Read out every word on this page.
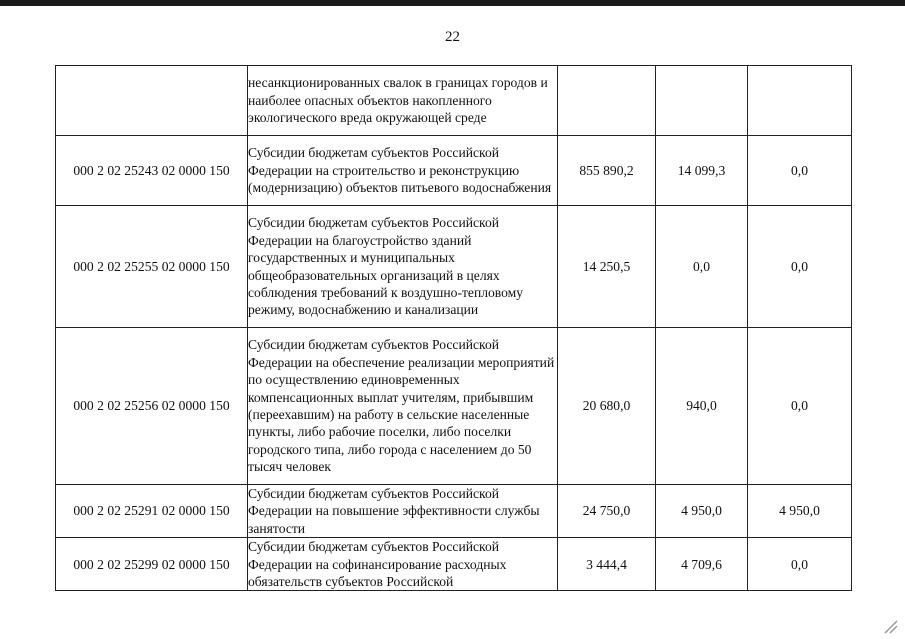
22
	несанкционированных свалок в границах городов и наиболее опасных объектов накопленного экологического вреда окружающей среде			
000 2 02 25243 02 0000 150	Субсидии бюджетам субъектов Российской Федерации на строительство и реконструкцию (модернизацию) объектов питьевого водоснабжения	855 890,2	14 099,3	0,0
000 2 02 25255 02 0000 150	Субсидии бюджетам субъектов Российской Федерации на благоустройство зданий государственных и муниципальных общеобразовательных организаций в целях соблюдения требований к воздушно-тепловому режиму, водоснабжению и канализации	14 250,5	0,0	0,0
000 2 02 25256 02 0000 150	Субсидии бюджетам субъектов Российской Федерации на обеспечение реализации мероприятий по осуществлению единовременных компенсационных выплат учителям, прибывшим (переехавшим) на работу в сельские населенные пункты, либо рабочие поселки, либо поселки городского типа, либо города с населением до 50 тысяч человек	20 680,0	940,0	0,0
000 2 02 25291 02 0000 150	Субсидии бюджетам субъектов Российской Федерации на повышение эффективности службы занятости	24 750,0	4 950,0	4 950,0
000 2 02 25299 02 0000 150	Субсидии бюджетам субъектов Российской Федерации на софинансирование расходных обязательств субъектов Российской	3 444,4	4 709,6	0,0
